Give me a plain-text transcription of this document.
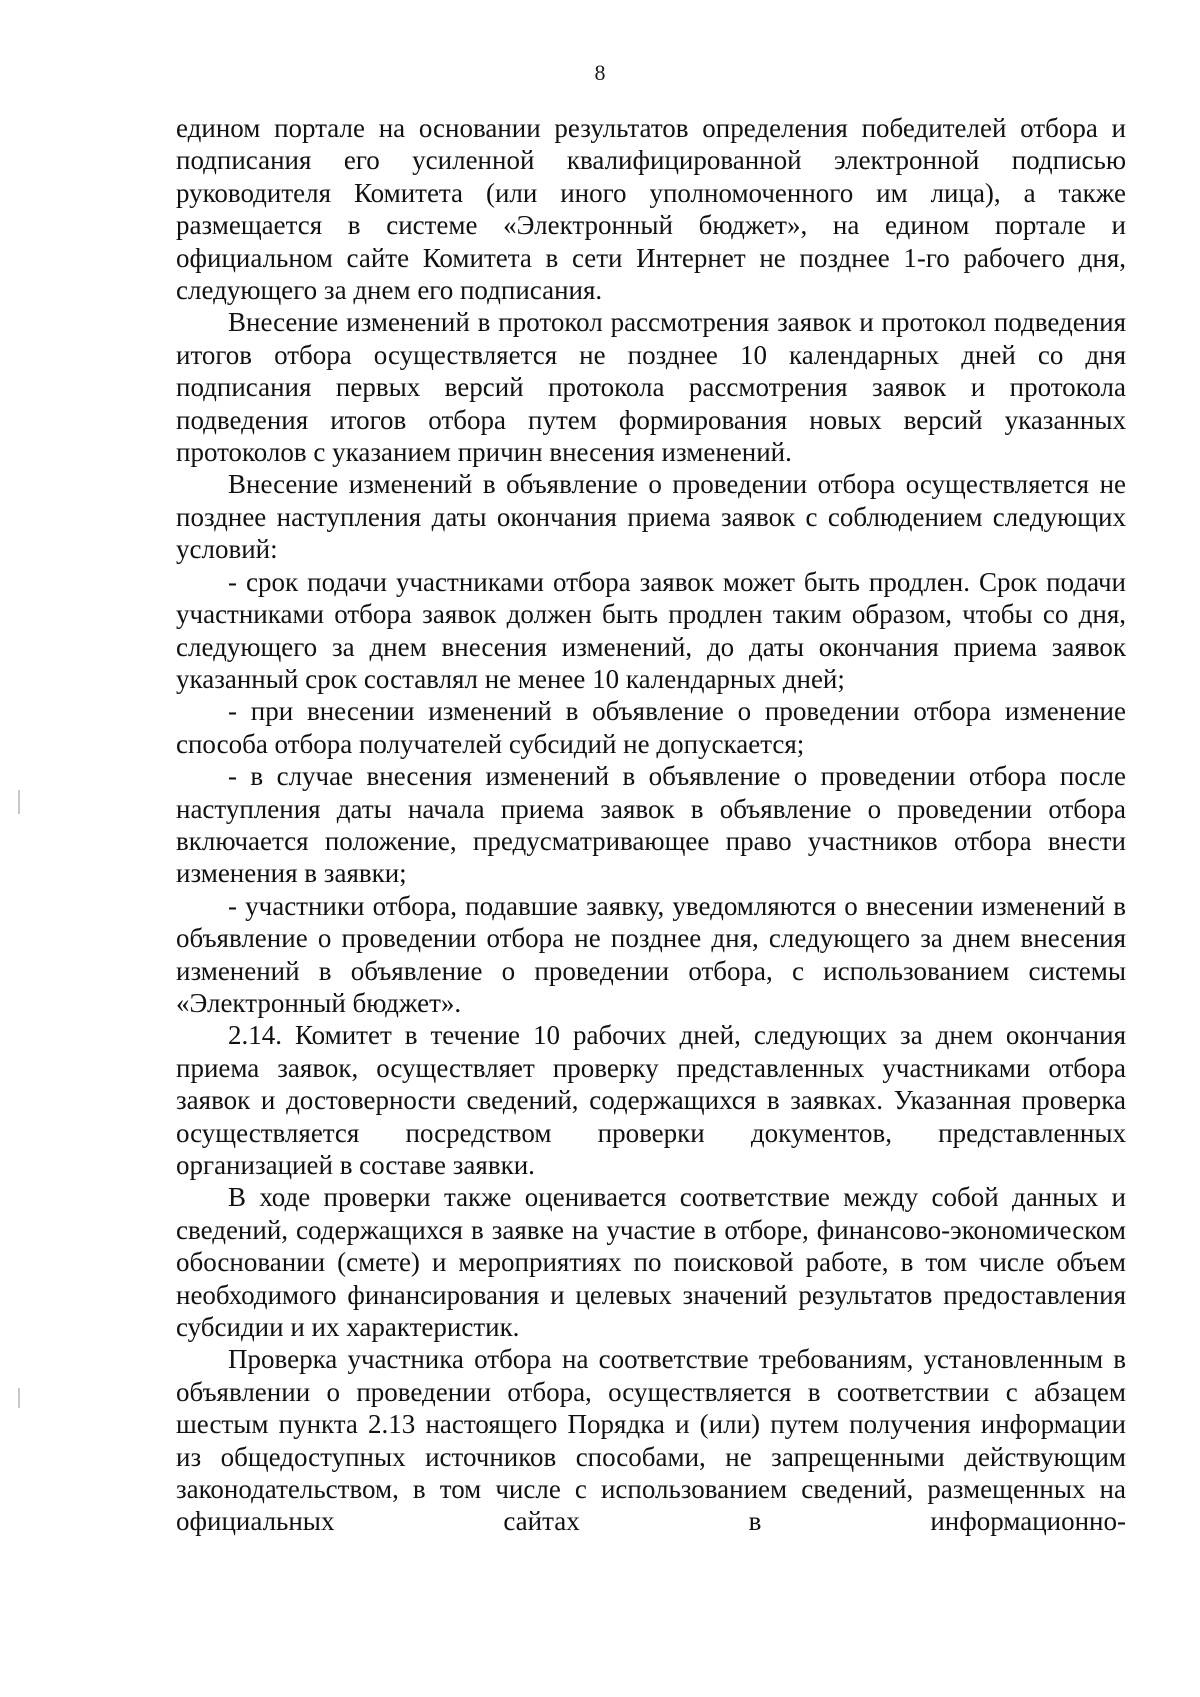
8

едином портале на основании результатов определения победителей отбора и подписания его усиленной квалифицированной электронной подписью руководителя Комитета (или иного уполномоченного им лица), а также размещается в системе «Электронный бюджет», на едином портале и официальном сайте Комитета в сети Интернет не позднее 1-го рабочего дня, следующего за днем его подписания.

Внесение изменений в протокол рассмотрения заявок и протокол подведения итогов отбора осуществляется не позднее 10 календарных дней со дня подписания первых версий протокола рассмотрения заявок и протокола подведения итогов отбора путем формирования новых версий указанных протоколов с указанием причин внесения изменений.

Внесение изменений в объявление о проведении отбора осуществляется не позднее наступления даты окончания приема заявок с соблюдением следующих условий:

- срок подачи участниками отбора заявок может быть продлен. Срок подачи участниками отбора заявок должен быть продлен таким образом, чтобы со дня, следующего за днем внесения изменений, до даты окончания приема заявок указанный срок составлял не менее 10 календарных дней;

- при внесении изменений в объявление о проведении отбора изменение способа отбора получателей субсидий не допускается;

- в случае внесения изменений в объявление о проведении отбора после наступления даты начала приема заявок в объявление о проведении отбора включается положение, предусматривающее право участников отбора внести изменения в заявки;

- участники отбора, подавшие заявку, уведомляются о внесении изменений в объявление о проведении отбора не позднее дня, следующего за днем внесения изменений в объявление о проведении отбора, с использованием системы «Электронный бюджет».

2.14. Комитет в течение 10 рабочих дней, следующих за днем окончания приема заявок, осуществляет проверку представленных участниками отбора заявок и достоверности сведений, содержащихся в заявках. Указанная проверка осуществляется посредством проверки документов, представленных организацией в составе заявки.

В ходе проверки также оценивается соответствие между собой данных и сведений, содержащихся в заявке на участие в отборе, финансово-экономическом обосновании (смете) и мероприятиях по поисковой работе, в том числе объем необходимого финансирования и целевых значений результатов предоставления субсидии и их характеристик.

Проверка участника отбора на соответствие требованиям, установленным в объявлении о проведении отбора, осуществляется в соответствии с абзацем шестым пункта 2.13 настоящего Порядка и (или) путем получения информации из общедоступных источников способами, не запрещенными действующим законодательством, в том числе с использованием сведений, размещенных на официальных сайтах в информационно-
